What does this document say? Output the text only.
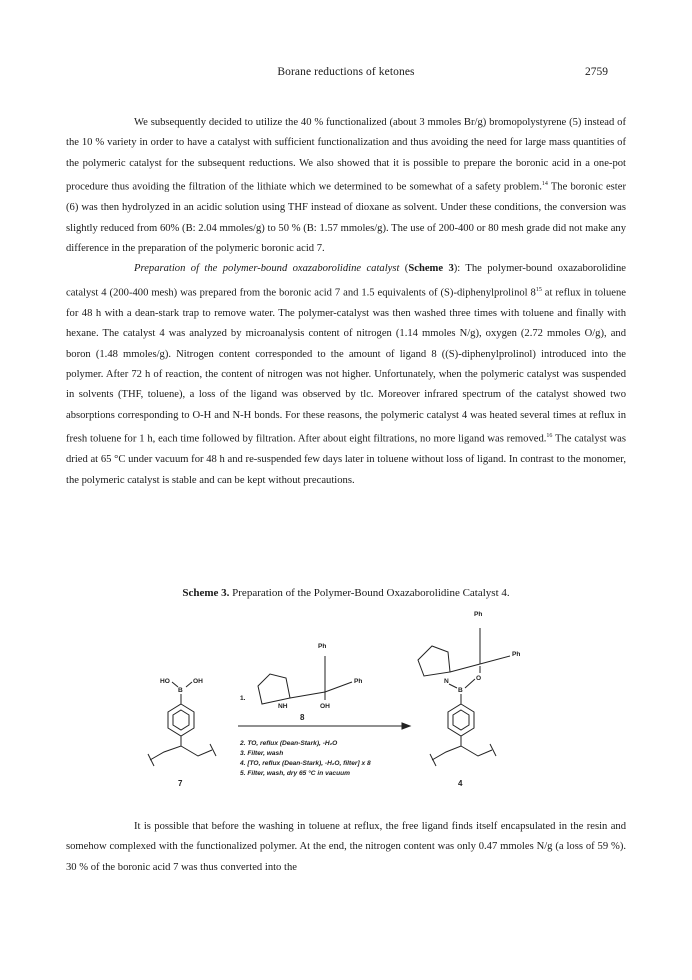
Borane reductions of ketones	2759

We subsequently decided to utilize the 40 % functionalized (about 3 mmoles Br/g) bromopolystyrene (5) instead of the 10 % variety in order to have a catalyst with sufficient functionalization and thus avoiding the need for large mass quantities of the polymeric catalyst for the subsequent reductions. We also showed that it is possible to prepare the boronic acid in a one-pot procedure thus avoiding the filtration of the lithiate which we determined to be somewhat of a safety problem.$^{14}$ The boronic ester (6) was then hydrolyzed in an acidic solution using THF instead of dioxane as solvent. Under these conditions, the conversion was slightly reduced from 60% (B: 2.04 mmoles/g) to 50 % (B: 1.57 mmoles/g). The use of 200-400 or 80 mesh grade did not make any difference in the preparation of the polymeric boronic acid 7.

Preparation of the polymer-bound oxazaborolidine catalyst (Scheme 3): The polymer-bound oxazaborolidine catalyst 4 (200-400 mesh) was prepared from the boronic acid 7 and 1.5 equivalents of (S)-diphenylprolinol $8^{15}$ at reflux in toluene for 48 h with a dean-stark trap to remove water. The polymer-catalyst was then washed three times with toluene and finally with hexane. The catalyst 4 was analyzed by microanalysis content of nitrogen (1.14 mmoles N/g), oxygen (2.72 mmoles O/g), and boron (1.48 mmoles/g). Nitrogen content corresponded to the amount of ligand 8 ((S)-diphenylprolinol) introduced into the polymer. After 72 h of reaction, the content of nitrogen was not higher. Unfortunately, when the polymeric catalyst was suspended in solvents (THF, toluene), a loss of the ligand was observed by tlc. Moreover infrared spectrum of the catalyst showed two absorptions corresponding to O-H and N-H bonds. For these reasons, the polymeric catalyst 4 was heated several times at reflux in fresh toluene for 1 h, each time followed by filtration. After about eight filtrations, no more ligand was removed.$^{16}$ The catalyst was dried at 65 °C under vacuum for 48 h and re-suspended few days later in toluene without loss of ligand. In contrast to the monomer, the polymeric catalyst is stable and can be kept without precautions.

Scheme 3. Preparation of the Polymer-Bound Oxazaborolidine Catalyst 4.
HO	OH
B
7
1.
NH
Ph
Ph
OH
8
2. TO, reflux (Dean-Stark), -H₂O
3. Filter, wash
4. [TO, reflux (Dean-Stark), -H₂O, filter] x 8
5. Filter, wash, dry 65 °C in vacuum
Ph
Ph
N	O
B
4

It is possible that before the washing in toluene at reflux, the free ligand finds itself encapsulated in the resin and somehow complexed with the functionalized polymer. At the end, the nitrogen content was only 0.47 mmoles N/g (a loss of 59 %). 30 % of the boronic acid 7 was thus converted into the
